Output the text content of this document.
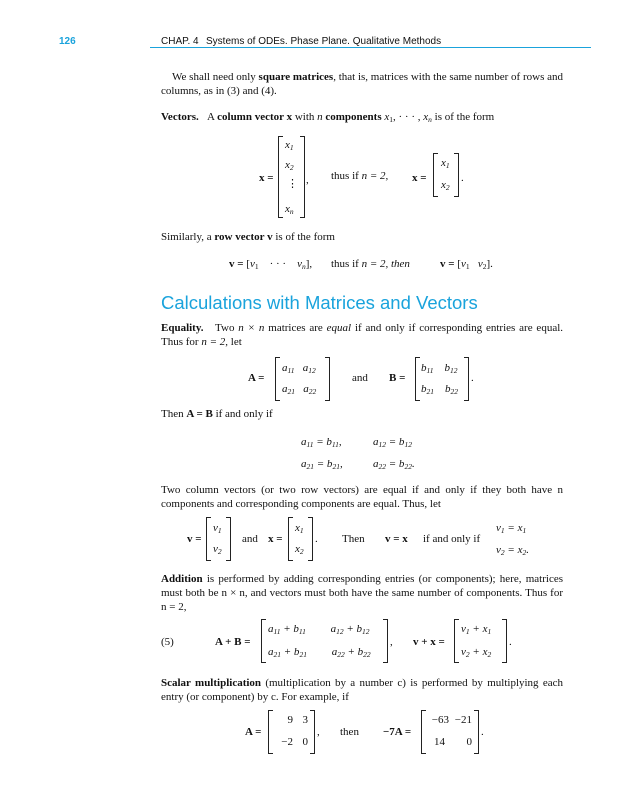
126	CHAP. 4 Systems of ODEs. Phase Plane. Qualitative Methods
We shall need only square matrices, that is, matrices with the same number of rows and columns, as in (3) and (4).
Vectors. A column vector x with n components $x_1$, · · · , $x_n$ is of the form
x =
$x_1$
$x_2$
⋮
$x_n$
, thus if n = 2, x =
$x_1$
$x_2$
.
Similarly, a row vector v is of the form
$v = [v_1$ · · · $v_n$], thus if n = 2, then	$v = [v_1$ $v_2$].
Calculations with Matrices and Vectors
Equality. Two n × n matrices are equal if and only if corresponding entries are equal. Thus for n = 2, let
A =
$a_{11}$   $a_{12}$
$a_{21}$   $a_{22}$
and B =
$b_{11}$    $b_{12}$
$b_{21}$    $b_{22}$
.
Then A = B if and only if
$a_{11} = b_{11}$,	$a_{12} = b_{12}$
$a_{21} = b_{21}$,	$a_{22} = b_{22}$.
Two column vectors (or two row vectors) are equal if and only if they both have n components and corresponding components are equal. Thus, let
v =
$v_1$
$v_2$
and x =
$x_1$
$x_2$
. Then v = x if and only if
$v_1 = x_1$
$v_2 = x_2$.
Addition is performed by adding corresponding entries (or components); here, matrices must both be n × n, and vectors must both have the same number of components. Thus for n = 2,
(5)	A + B =
$a_{11} + b_{11}$         $a_{12} + b_{12}$
$a_{21} + b_{21}$         $a_{22} + b_{22}$
, v + x =
$v_1 + x_1$
$v_2 + x_2$
.
Scalar multiplication (multiplication by a number c) is performed by multiplying each entry (or component) by c. For example, if
A =
9 3
−2 0
, then −7A =
−63 −21
14	0
.
